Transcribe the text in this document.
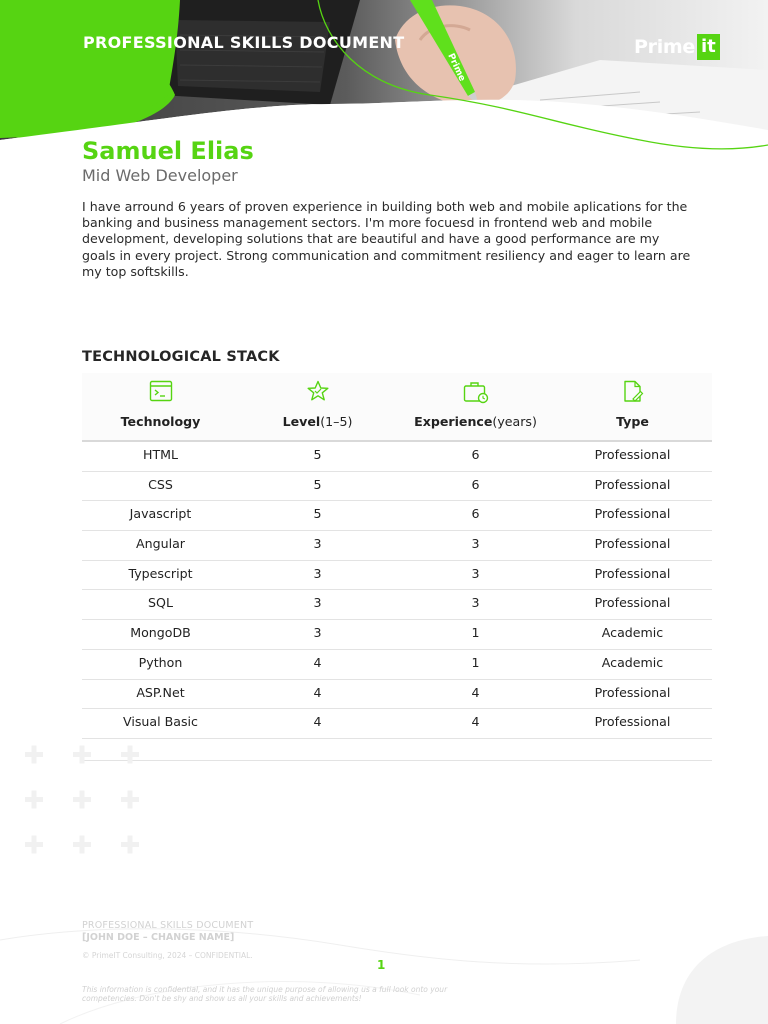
Prime
PROFESSIONAL SKILLS DOCUMENT	Prime it
Samuel Elias
Mid Web Developer

I have arround 6 years of proven experience in building both web and mobile aplications for the banking and business management sectors. I'm more focuesd in frontend web and mobile development, developing solutions that are beautiful and have a good performance are my goals in every project. Strong communication and commitment resiliency and eager to learn are my top softskills.

TECHNOLOGICAL STACK
Technology	Level(1–5)	Experience(years)	Type
HTML	5	6	Professional
CSS	5	6	Professional
Javascript	5	6	Professional
Angular	3	3	Professional
Typescript	3	3	Professional
SQL	3	3	Professional
MongoDB	3	1	Academic
Python	4	1	Academic
ASP.Net	4	4	Professional
Visual Basic	4	4	Professional
PROFESSIONAL SKILLS DOCUMENT
[JOHN DOE – CHANGE NAME]
© PrimeIT Consulting, 2024 – CONFIDENTIAL.
1

This information is confidential, and it has the unique purpose of allowing us a full look onto your competencies. Don't be shy and show us all your skills and achievements!
